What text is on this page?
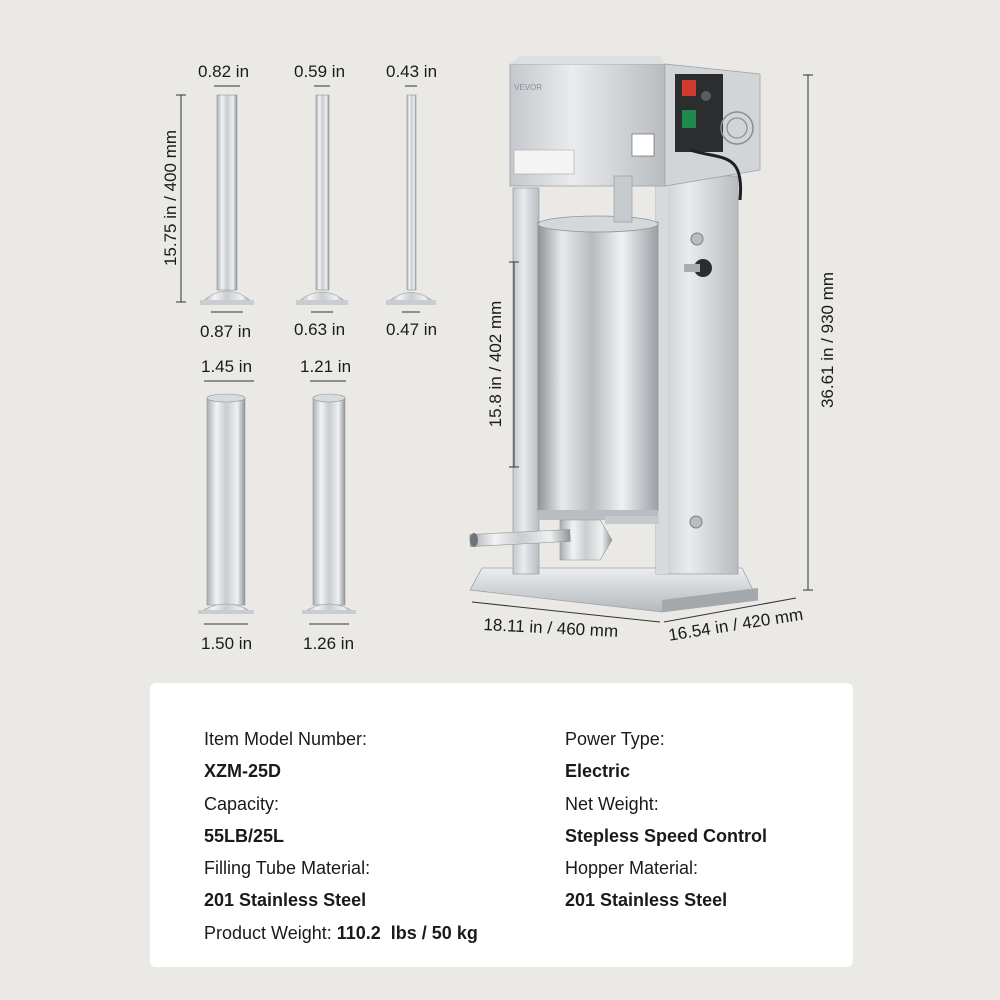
VEVOR
0.82 in	0.59 in 0.43 in
0.87 in	0.63 in 0.47 in
1.45 in	1.21 in
1.50 in	1.26 in
15.75 in / 400 mm
15.8 in / 402 mm	36.61 in / 930 mm
18.11 in / 460 mm	16.54 in / 420 mm
Item Model Number:
XZM-25D
Capacity:
55LB/25L
Filling Tube Material:
201 Stainless Steel
Product Weight: 110.2  lbs / 50 kg
Power Type:
Electric
Net Weight:
Stepless Speed Control
Hopper Material:
201 Stainless Steel
